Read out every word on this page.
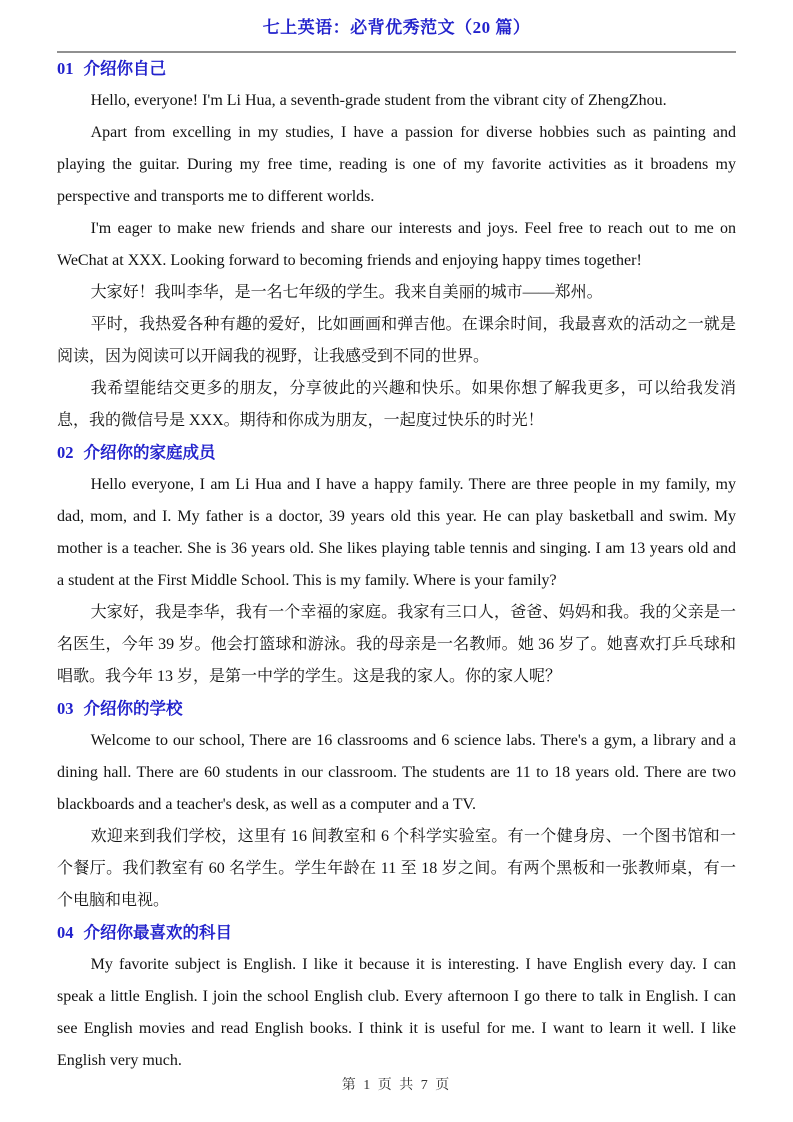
七上英语：必背优秀范文（20 篇）
01 介绍你自己

Hello, everyone! I'm Li Hua, a seventh-grade student from the vibrant city of ZhengZhou.

Apart from excelling in my studies, I have a passion for diverse hobbies such as painting and playing the guitar. During my free time, reading is one of my favorite activities as it broadens my perspective and transports me to different worlds.

I'm eager to make new friends and share our interests and joys. Feel free to reach out to me on WeChat at XXX. Looking forward to becoming friends and enjoying happy times together!

大家好！我叫李华，是一名七年级的学生。我来自美丽的城市——郑州。

平时，我热爱各种有趣的爱好，比如画画和弹吉他。在课余时间，我最喜欢的活动之一就是阅读，因为阅读可以开阔我的视野，让我感受到不同的世界。

我希望能结交更多的朋友，分享彼此的兴趣和快乐。如果你想了解我更多，可以给我发消息，我的微信号是 XXX。期待和你成为朋友，一起度过快乐的时光！

02 介绍你的家庭成员

Hello everyone, I am Li Hua and I have a happy family. There are three people in my family, my dad, mom, and I. My father is a doctor, 39 years old this year. He can play basketball and swim. My mother is a teacher. She is 36 years old. She likes playing table tennis and singing. I am 13 years old and a student at the First Middle School. This is my family. Where is your family?

大家好，我是李华，我有一个幸福的家庭。我家有三口人，爸爸、妈妈和我。我的父亲是一名医生，今年 39 岁。他会打篮球和游泳。我的母亲是一名教师。她 36 岁了。她喜欢打乒乓球和唱歌。我今年 13 岁，是第一中学的学生。这是我的家人。你的家人呢？

03 介绍你的学校

Welcome to our school, There are 16 classrooms and 6 science labs. There's a gym, a library and a dining hall. There are 60 students in our classroom. The students are 11 to 18 years old. There are two blackboards and a teacher's desk, as well as a computer and a TV.

欢迎来到我们学校，这里有 16 间教室和 6 个科学实验室。有一个健身房、一个图书馆和一个餐厅。我们教室有 60 名学生。学生年龄在 11 至 18 岁之间。有两个黑板和一张教师桌，有一个电脑和电视。

04 介绍你最喜欢的科目

My favorite subject is English. I like it because it is interesting. I have English every day. I can speak a little English. I join the school English club. Every afternoon I go there to talk in English. I can see English movies and read English books. I think it is useful for me. I want to learn it well. I like English very much.

第 1 页 共 7 页
